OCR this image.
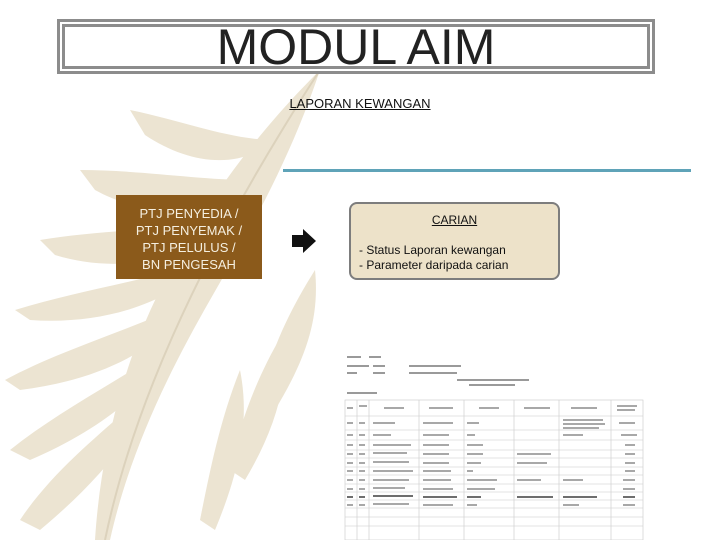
MODUL AIM
LAPORAN KEWANGAN
PTJ PENYEDIA /
PTJ PENYEMAK /
PTJ PELULUS /
BN PENGESAH
CARIAN
- Status Laporan kewangan
- Parameter daripada carian
